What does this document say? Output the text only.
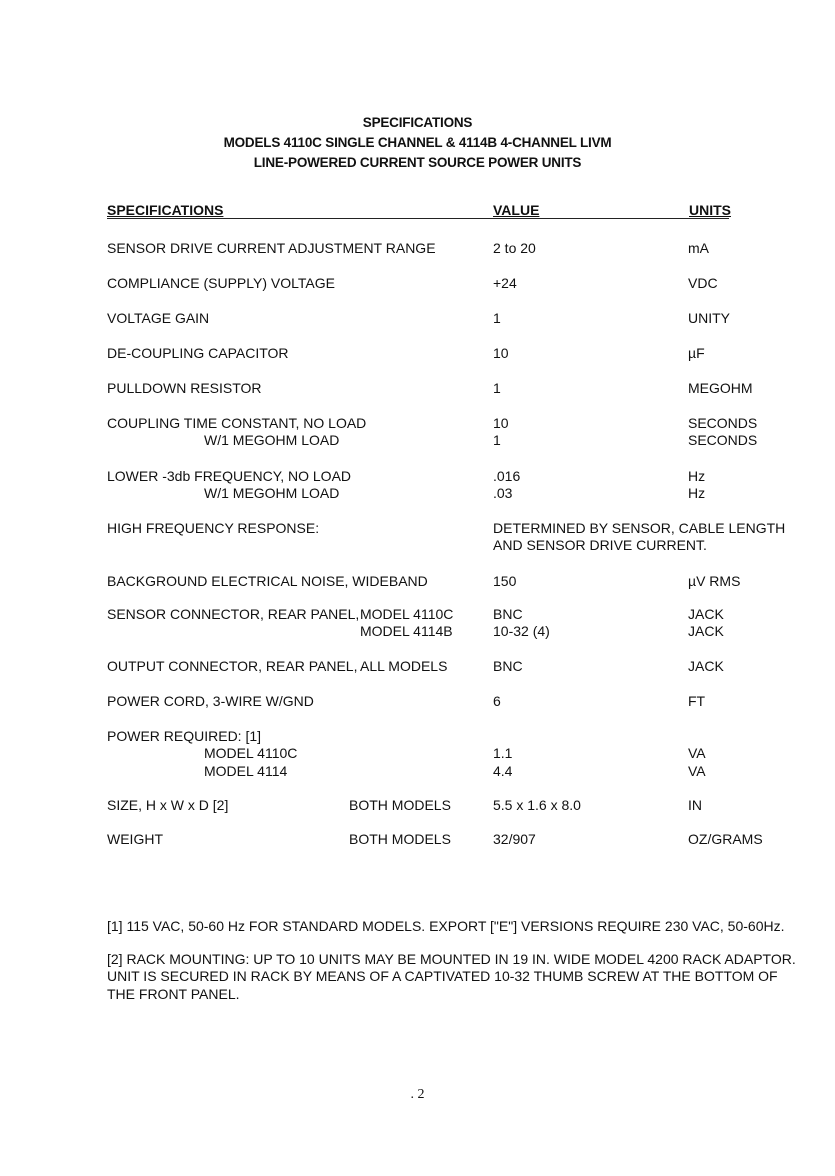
SPECIFICATIONS
MODELS 4110C SINGLE CHANNEL & 4114B 4-CHANNEL LIVM
LINE-POWERED CURRENT SOURCE POWER UNITS
SPECIFICATIONS	VALUE	UNITS
SENSOR DRIVE CURRENT ADJUSTMENT RANGE	2 to 20	mA
COMPLIANCE (SUPPLY) VOLTAGE	+24	VDC
VOLTAGE GAIN	1	UNITY
DE-COUPLING CAPACITOR	10	µF
PULLDOWN RESISTOR	1	MEGOHM
COUPLING TIME CONSTANT, NO LOAD	10	SECONDS
W/1 MEGOHM LOAD	1	SECONDS
LOWER -3db FREQUENCY, NO LOAD	.016	Hz
W/1 MEGOHM LOAD	.03	Hz
HIGH FREQUENCY RESPONSE:	DETERMINED BY SENSOR, CABLE LENGTH
AND SENSOR DRIVE CURRENT.
BACKGROUND ELECTRICAL NOISE, WIDEBAND	150	µV RMS
SENSOR CONNECTOR, REAR PANEL, MODEL 4110C	BNC	JACK
MODEL 4114B	10-32 (4)	JACK
OUTPUT CONNECTOR, REAR PANEL, ALL MODELS	BNC	JACK
POWER CORD, 3-WIRE W/GND	6	FT
POWER REQUIRED: [1]
MODEL 4110C	1.1	VA
MODEL 4114	4.4	VA
SIZE, H x W x D [2]	BOTH MODELS	5.5 x 1.6 x 8.0	IN
WEIGHT	BOTH MODELS	32/907	OZ/GRAMS
[1] 115 VAC, 50-60 Hz FOR STANDARD MODELS. EXPORT ["E"] VERSIONS REQUIRE 230 VAC, 50-60Hz.
[2] RACK MOUNTING: UP TO 10 UNITS MAY BE MOUNTED IN 19 IN. WIDE MODEL 4200 RACK ADAPTOR.
UNIT IS SECURED IN RACK BY MEANS OF A CAPTIVATED 10-32 THUMB SCREW AT THE BOTTOM OF
THE FRONT PANEL.
. 2
